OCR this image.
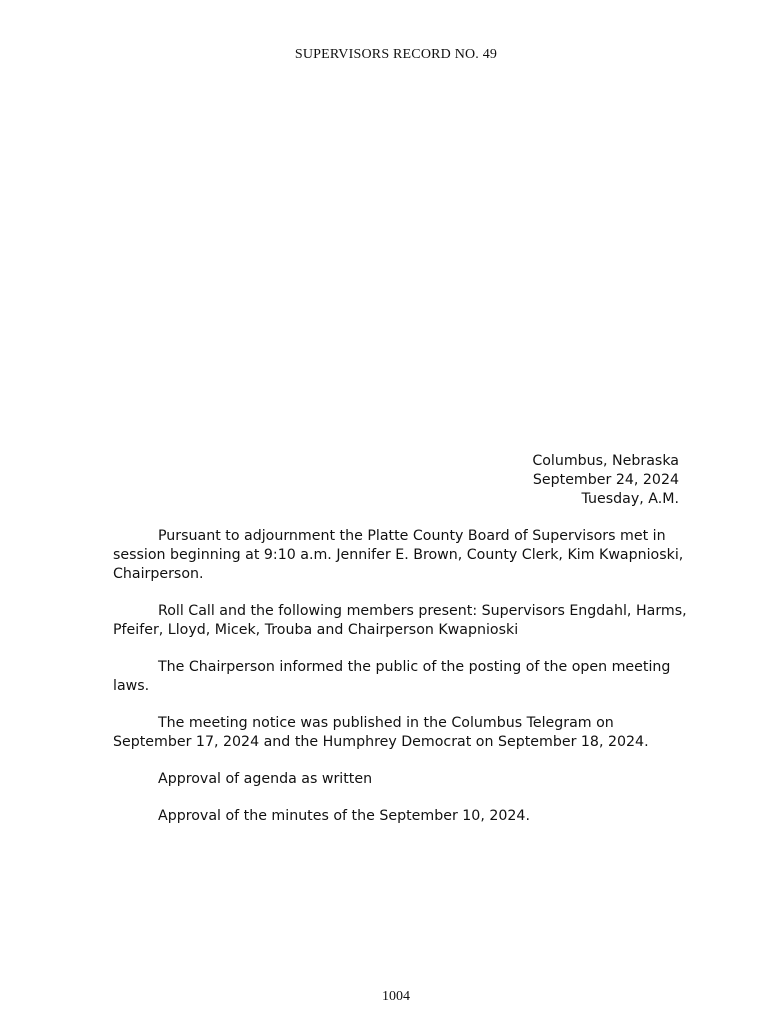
SUPERVISORS RECORD NO. 49
Columbus, Nebraska
September 24, 2024
Tuesday, A.M.

Pursuant to adjournment the Platte County Board of Supervisors met in session beginning at 9:10 a.m. Jennifer E. Brown, County Clerk, Kim Kwapnioski, Chairperson.

Roll Call and the following members present: Supervisors Engdahl, Harms, Pfeifer, Lloyd, Micek, Trouba and Chairperson Kwapnioski

The Chairperson informed the public of the posting of the open meeting laws.

The meeting notice was published in the Columbus Telegram on September 17, 2024 and the Humphrey Democrat on September 18, 2024.

Approval of agenda as written

Approval of the minutes of the September 10, 2024.

1004
